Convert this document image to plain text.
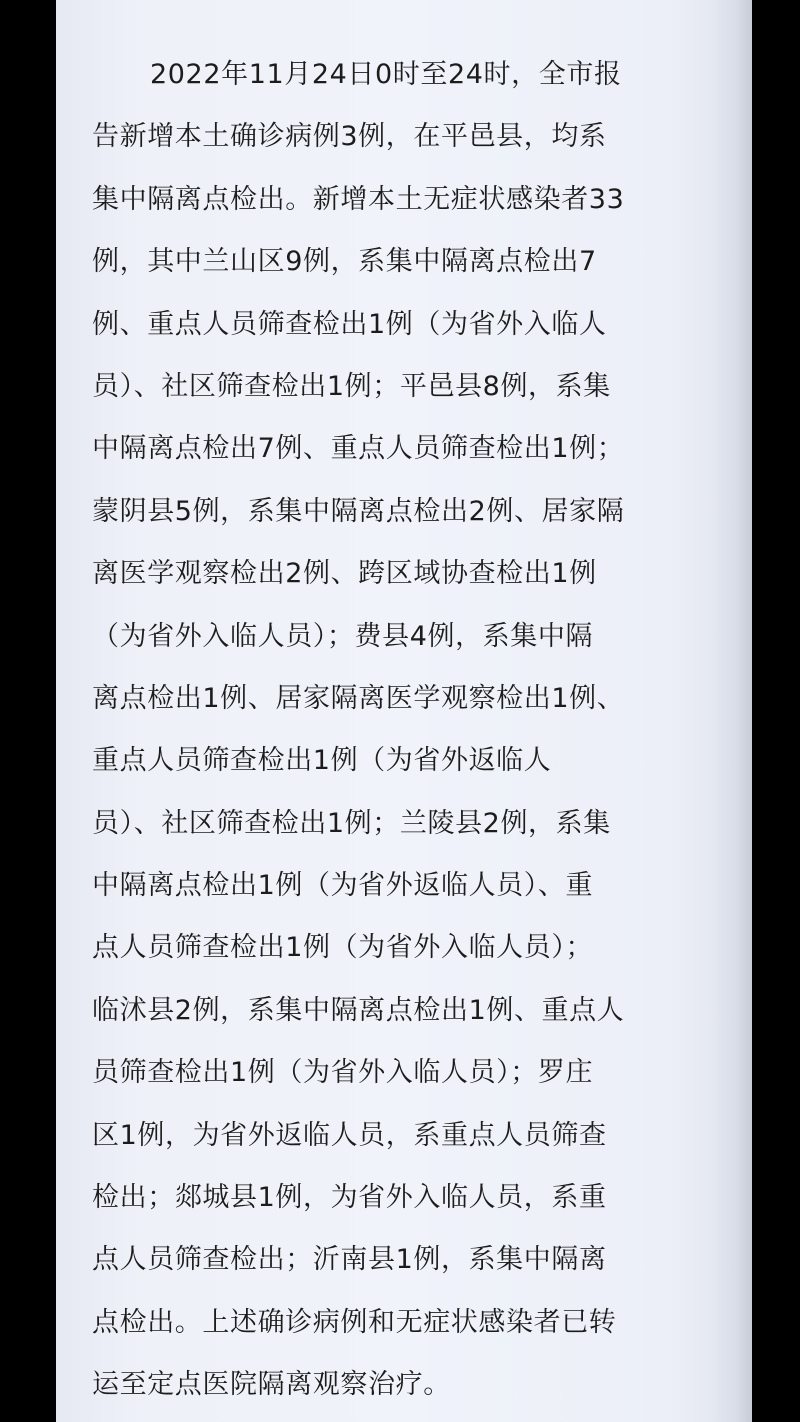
2022年11月24日0时至24时，全市报
告新增本土确诊病例3例，在平邑县，均系
集中隔离点检出。新增本土无症状感染者33
例，其中兰山区9例，系集中隔离点检出7
例、重点人员筛查检出1例（为省外入临人
员）、社区筛查检出1例；平邑县8例，系集
中隔离点检出7例、重点人员筛查检出1例；
蒙阴县5例，系集中隔离点检出2例、居家隔
离医学观察检出2例、跨区域协查检出1例
（为省外入临人员）；费县4例，系集中隔
离点检出1例、居家隔离医学观察检出1例、
重点人员筛查检出1例（为省外返临人
员）、社区筛查检出1例；兰陵县2例，系集
中隔离点检出1例（为省外返临人员）、重
点人员筛查检出1例（为省外入临人员）；
临沭县2例，系集中隔离点检出1例、重点人
员筛查检出1例（为省外入临人员）；罗庄
区1例，为省外返临人员，系重点人员筛查
检出；郯城县1例，为省外入临人员，系重
点人员筛查检出；沂南县1例，系集中隔离
点检出。上述确诊病例和无症状感染者已转
运至定点医院隔离观察治疗。
